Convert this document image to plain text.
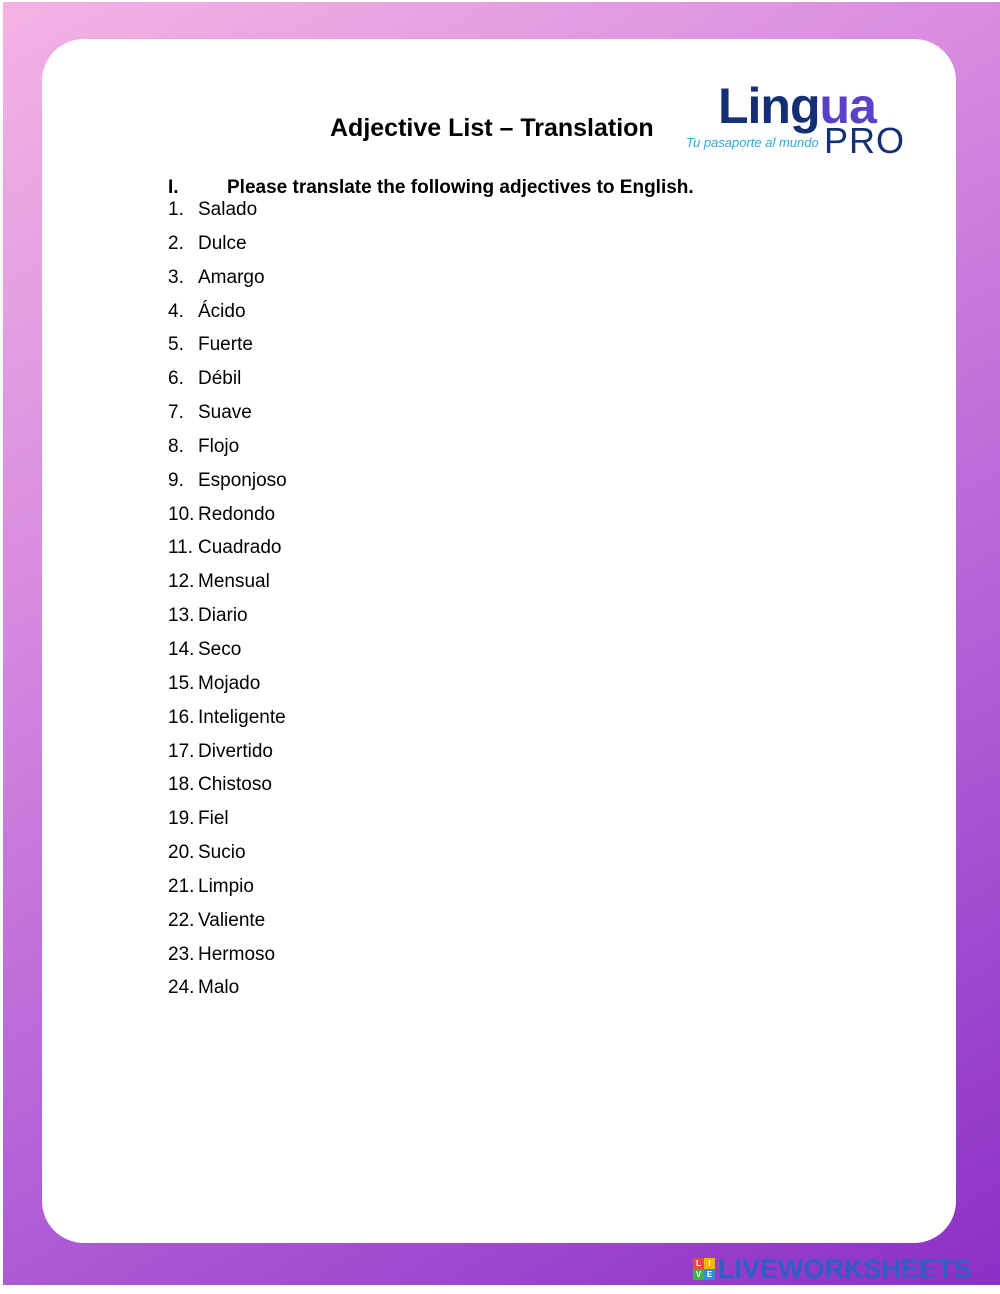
Adjective List – Translation Lingua
Tu pasaporte al mundo PRO
I.	Please translate the following adjectives to English.
1. Salado
2. Dulce
3. Amargo
4. Ácido
5. Fuerte
6. Débil
7. Suave
8. Flojo
9. Esponjoso
10. Redondo
11. Cuadrado
12. Mensual
13. Diario
14. Seco
15. Mojado
16. Inteligente
17. Divertido
18. Chistoso
19. Fiel
20. Sucio
21. Limpio
22. Valiente
23. Hermoso
24. Malo
L I
V E LIVEWORKSHEETS
